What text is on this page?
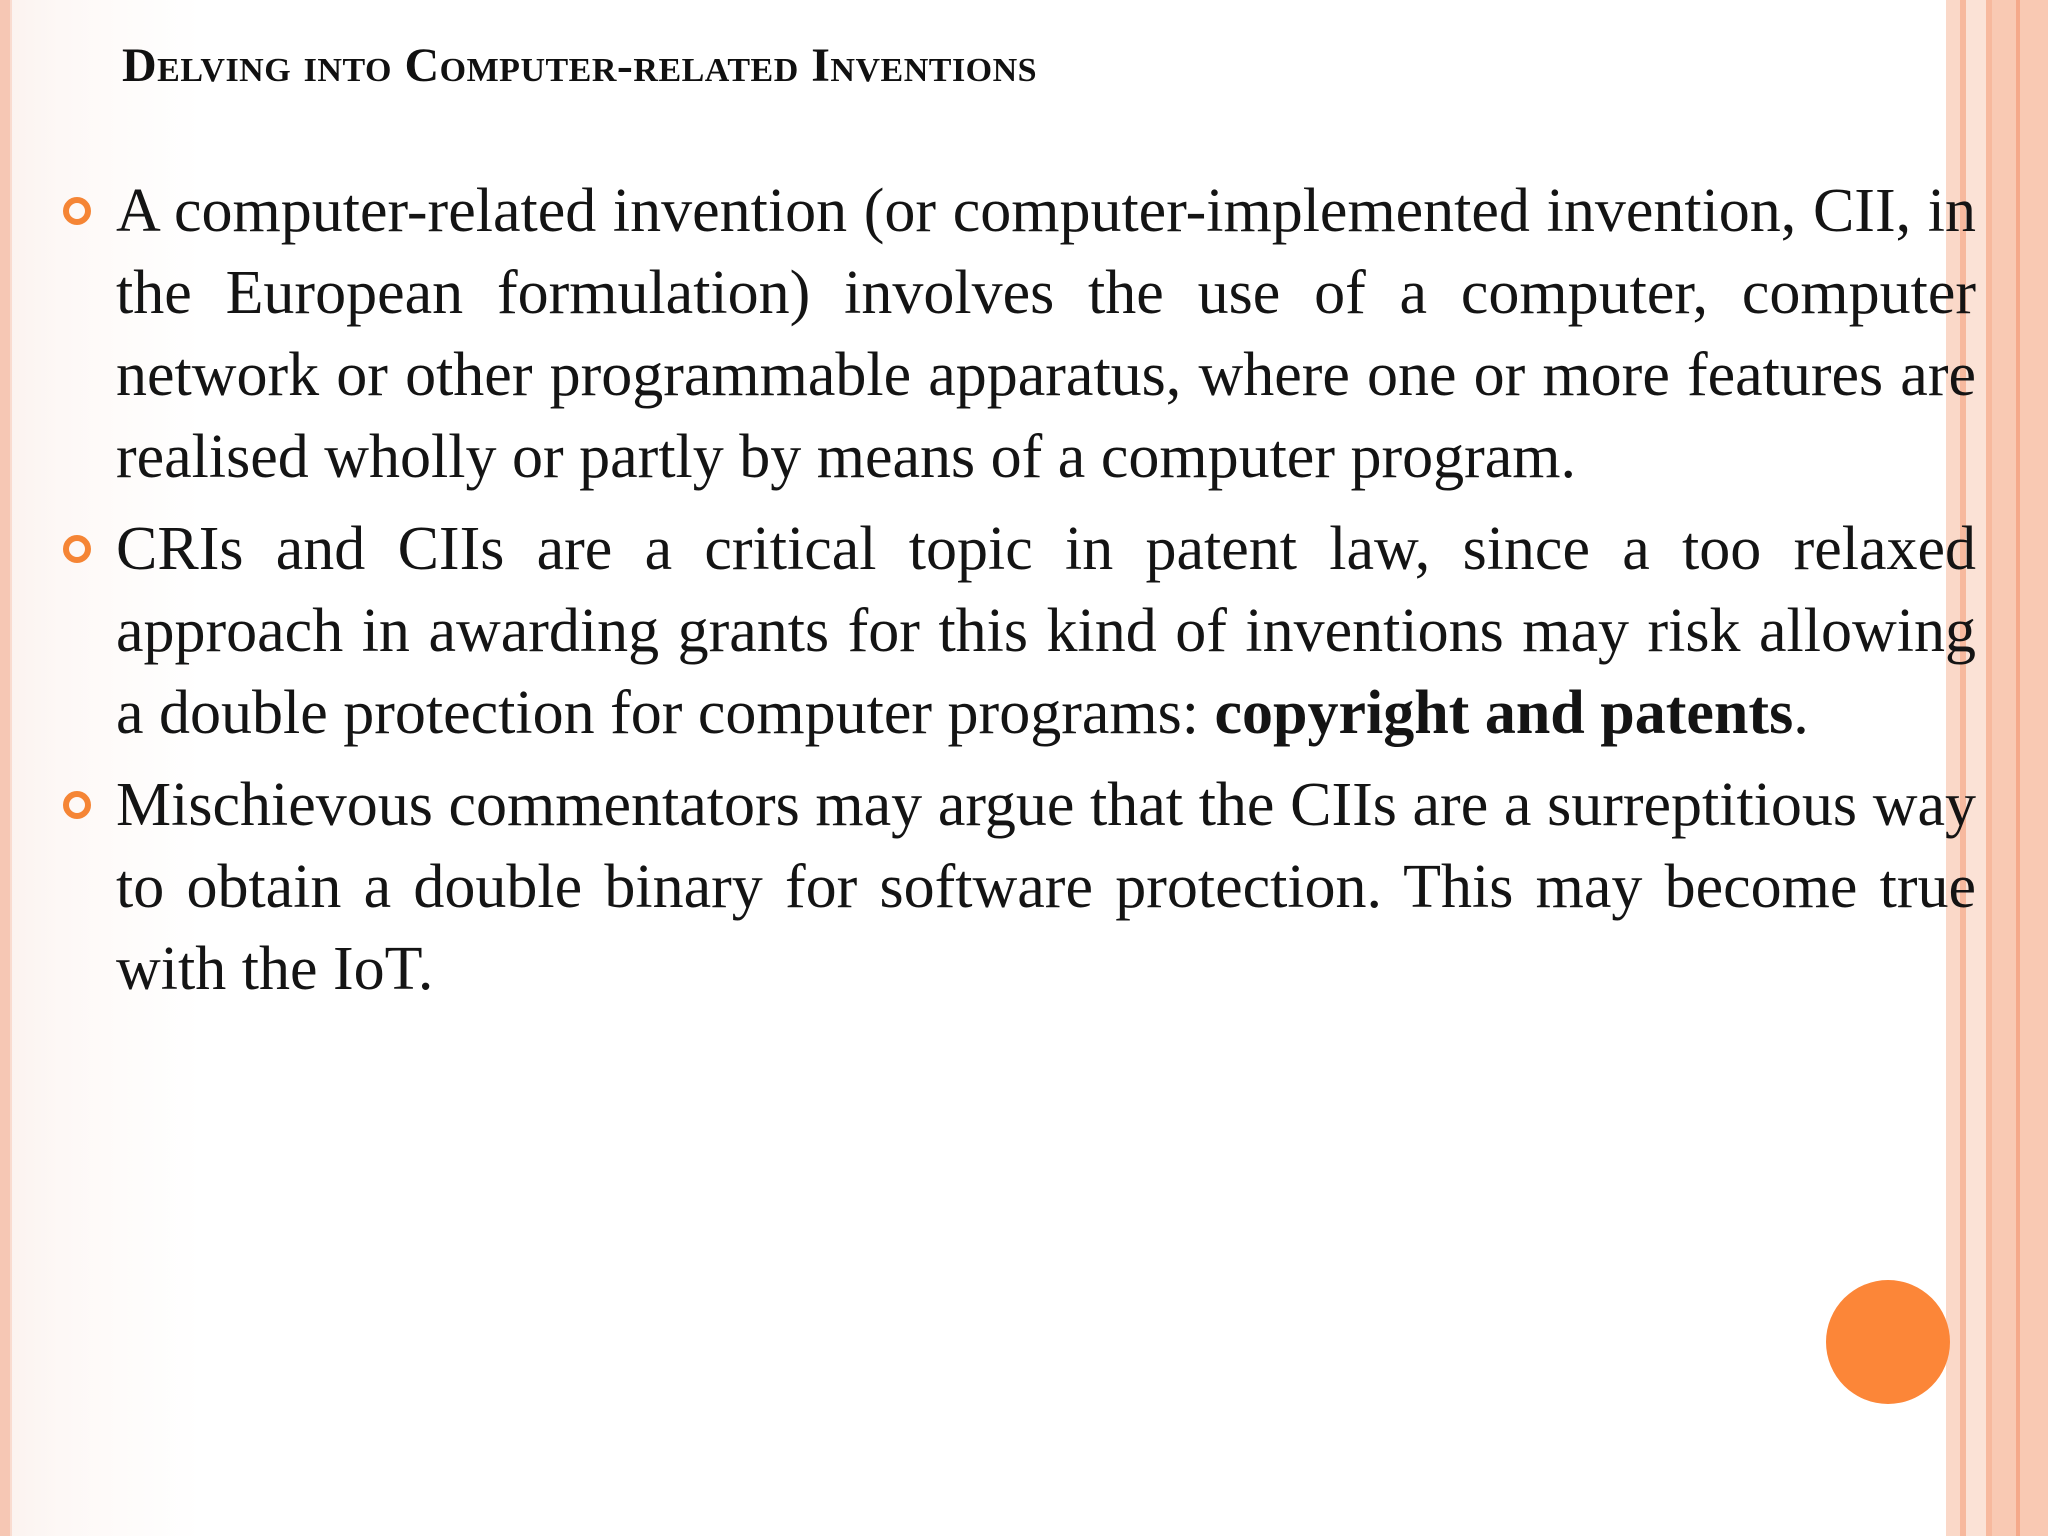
Delving into Computer-related Inventions
A computer-related invention (or computer-implemented invention, CII, in the European formulation) involves the use of a computer, computer network or other programmable apparatus, where one or more features are realised wholly or partly by means of a computer program.
CRIs and CIIs are a critical topic in patent law, since a too relaxed approach in awarding grants for this kind of inventions may risk allowing a double protection for computer programs: copyright and patents.
Mischievous commentators may argue that the CIIs are a surreptitious way to obtain a double binary for software protection. This may become true with the IoT.
